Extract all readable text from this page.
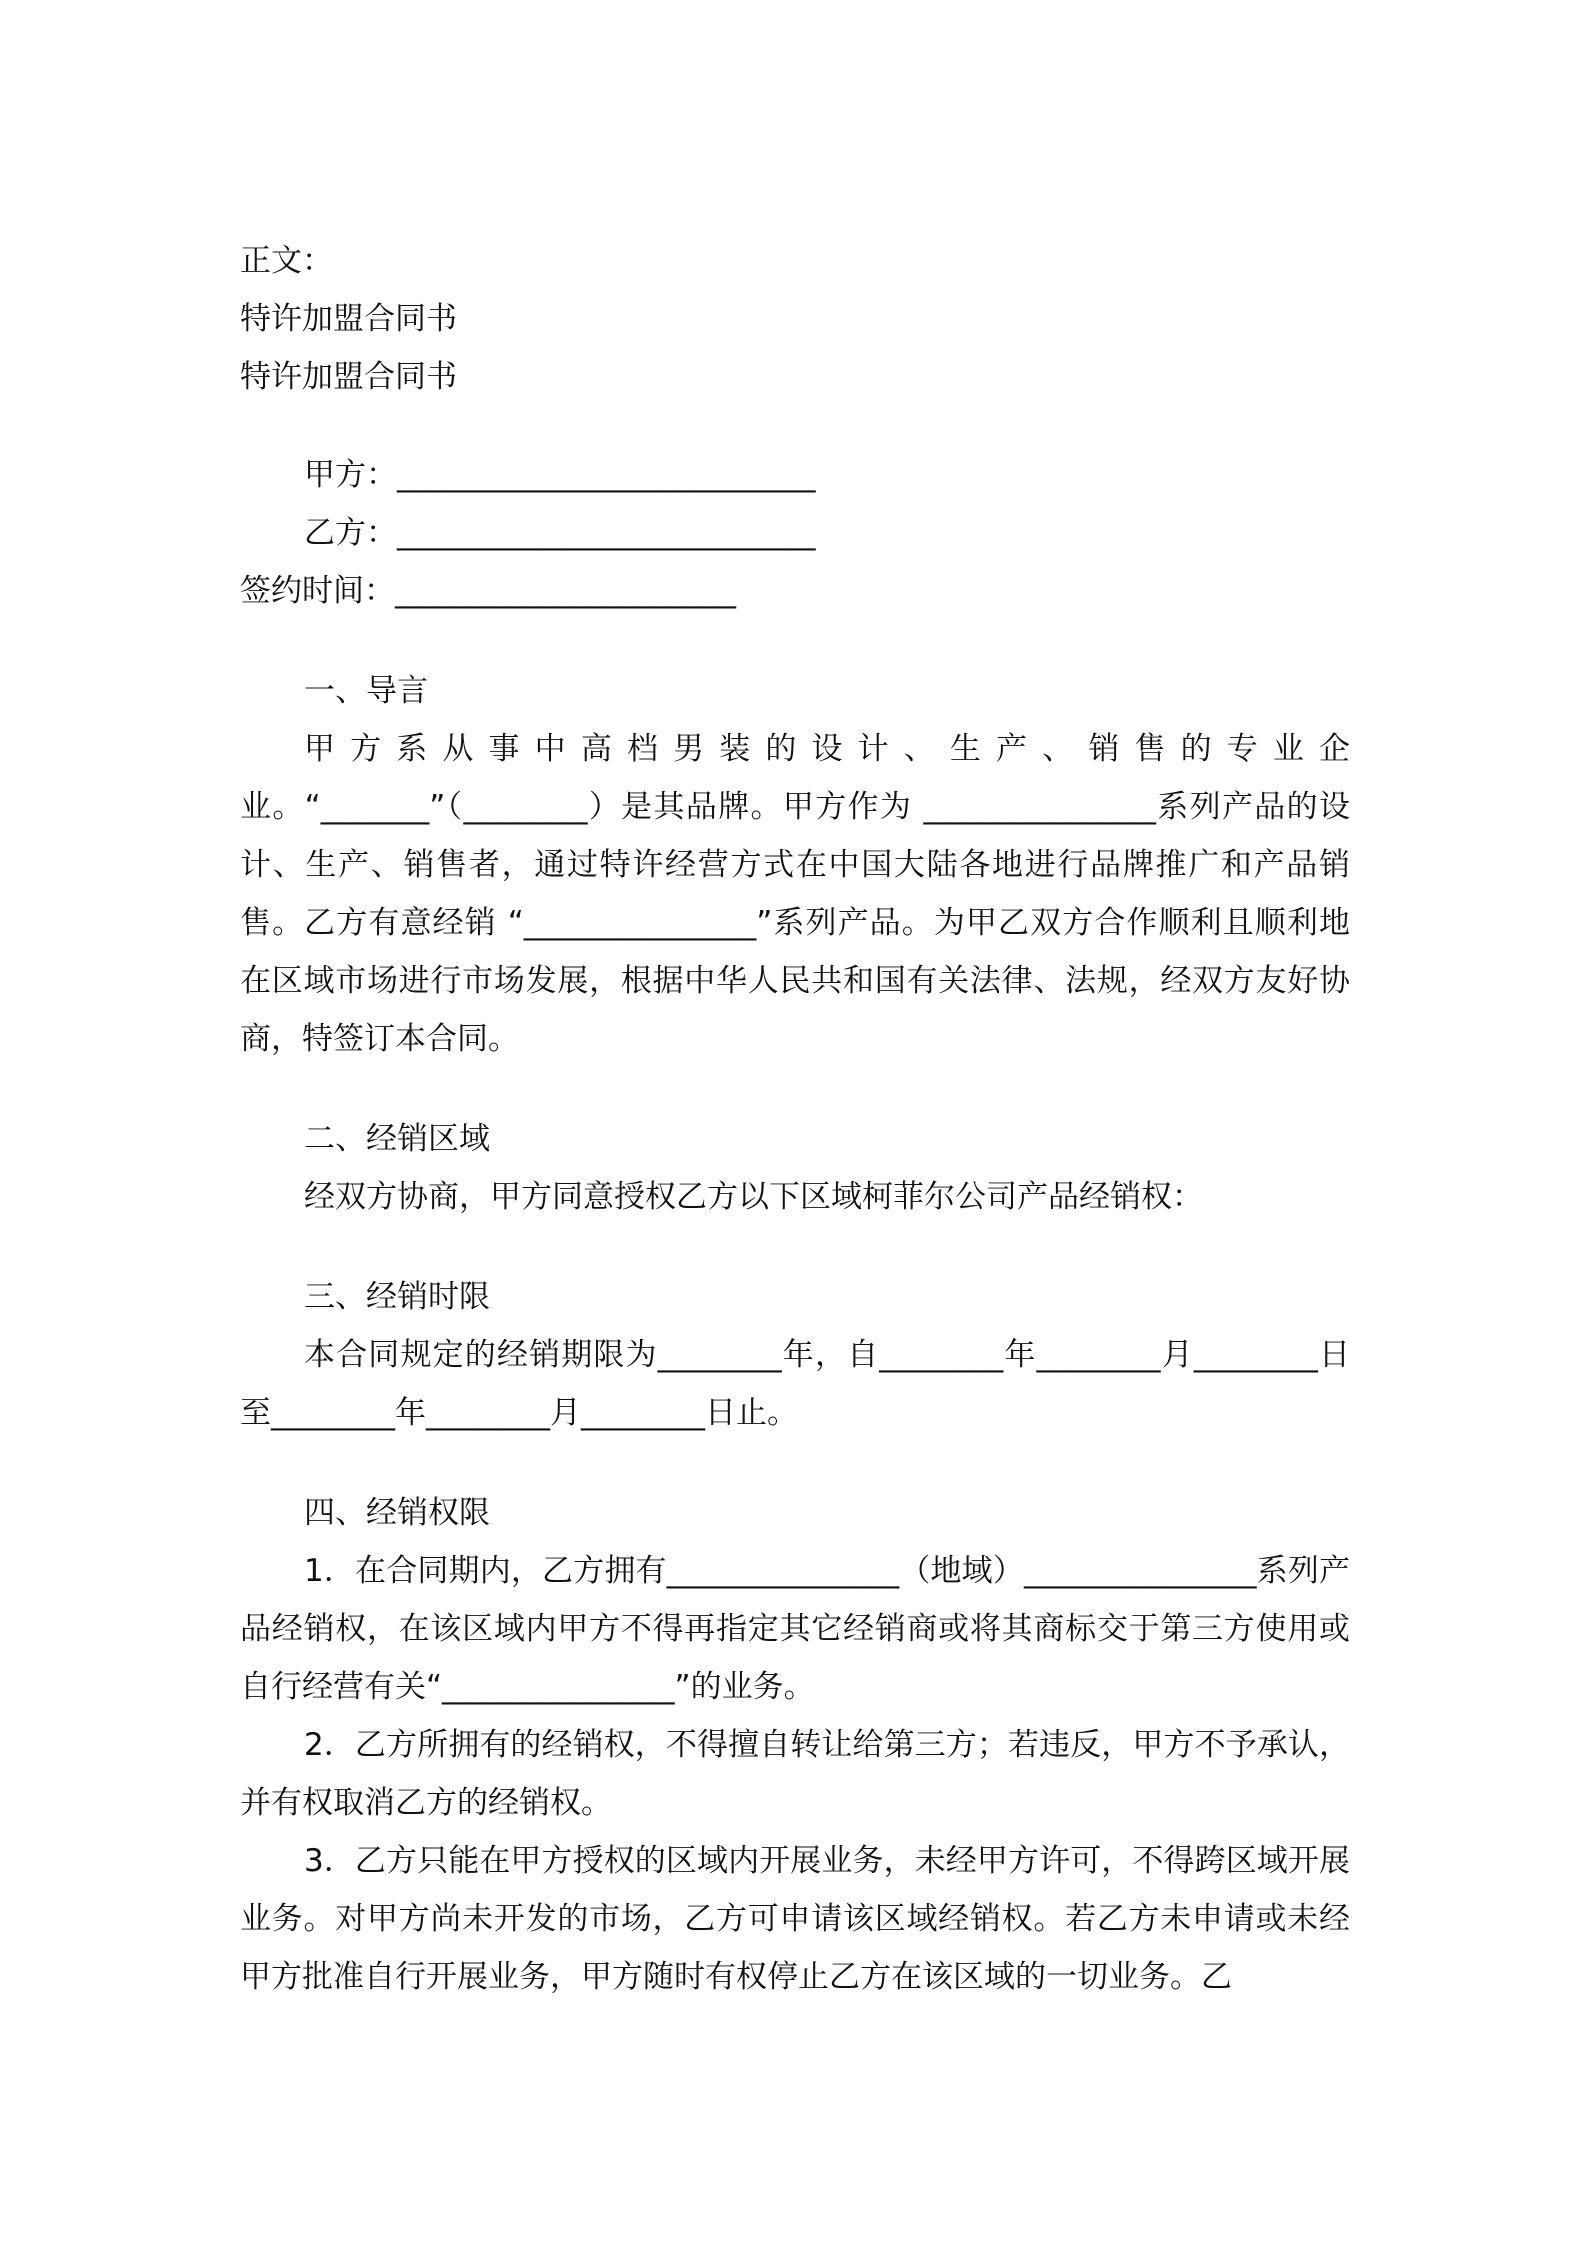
正文：
特许加盟合同书
特许加盟合同书
甲方：___________________________
乙方：___________________________
签约时间：______________________
一、导言
甲方系从事中高档男装的设计、生产、销售的专业企业。“_______”（________）是其品牌。甲方作为 _______________系列产品的设计、生产、销售者，通过特许经营方式在中国大陆各地进行品牌推广和产品销售。乙方有意经销 “_______________”系列产品。为甲乙双方合作顺利且顺利地在区域市场进行市场发展，根据中华人民共和国有关法律、法规，经双方友好协商，特签订本合同。
二、经销区域
经双方协商，甲方同意授权乙方以下区域柯菲尔公司产品经销权：
三、经销时限
本合同规定的经销期限为________年，自________年________月________日至________年________月________日止。
四、经销权限
1．在合同期内，乙方拥有_______________（地域）_______________系列产品经销权，在该区域内甲方不得再指定其它经销商或将其商标交于第三方使用或自行经营有关“_______________”的业务。
2．乙方所拥有的经销权，不得擅自转让给第三方；若违反，甲方不予承认，并有权取消乙方的经销权。
3．乙方只能在甲方授权的区域内开展业务，未经甲方许可，不得跨区域开展业务。对甲方尚未开发的市场，乙方可申请该区域经销权。若乙方未申请或未经甲方批准自行开展业务，甲方随时有权停止乙方在该区域的一切业务。乙
